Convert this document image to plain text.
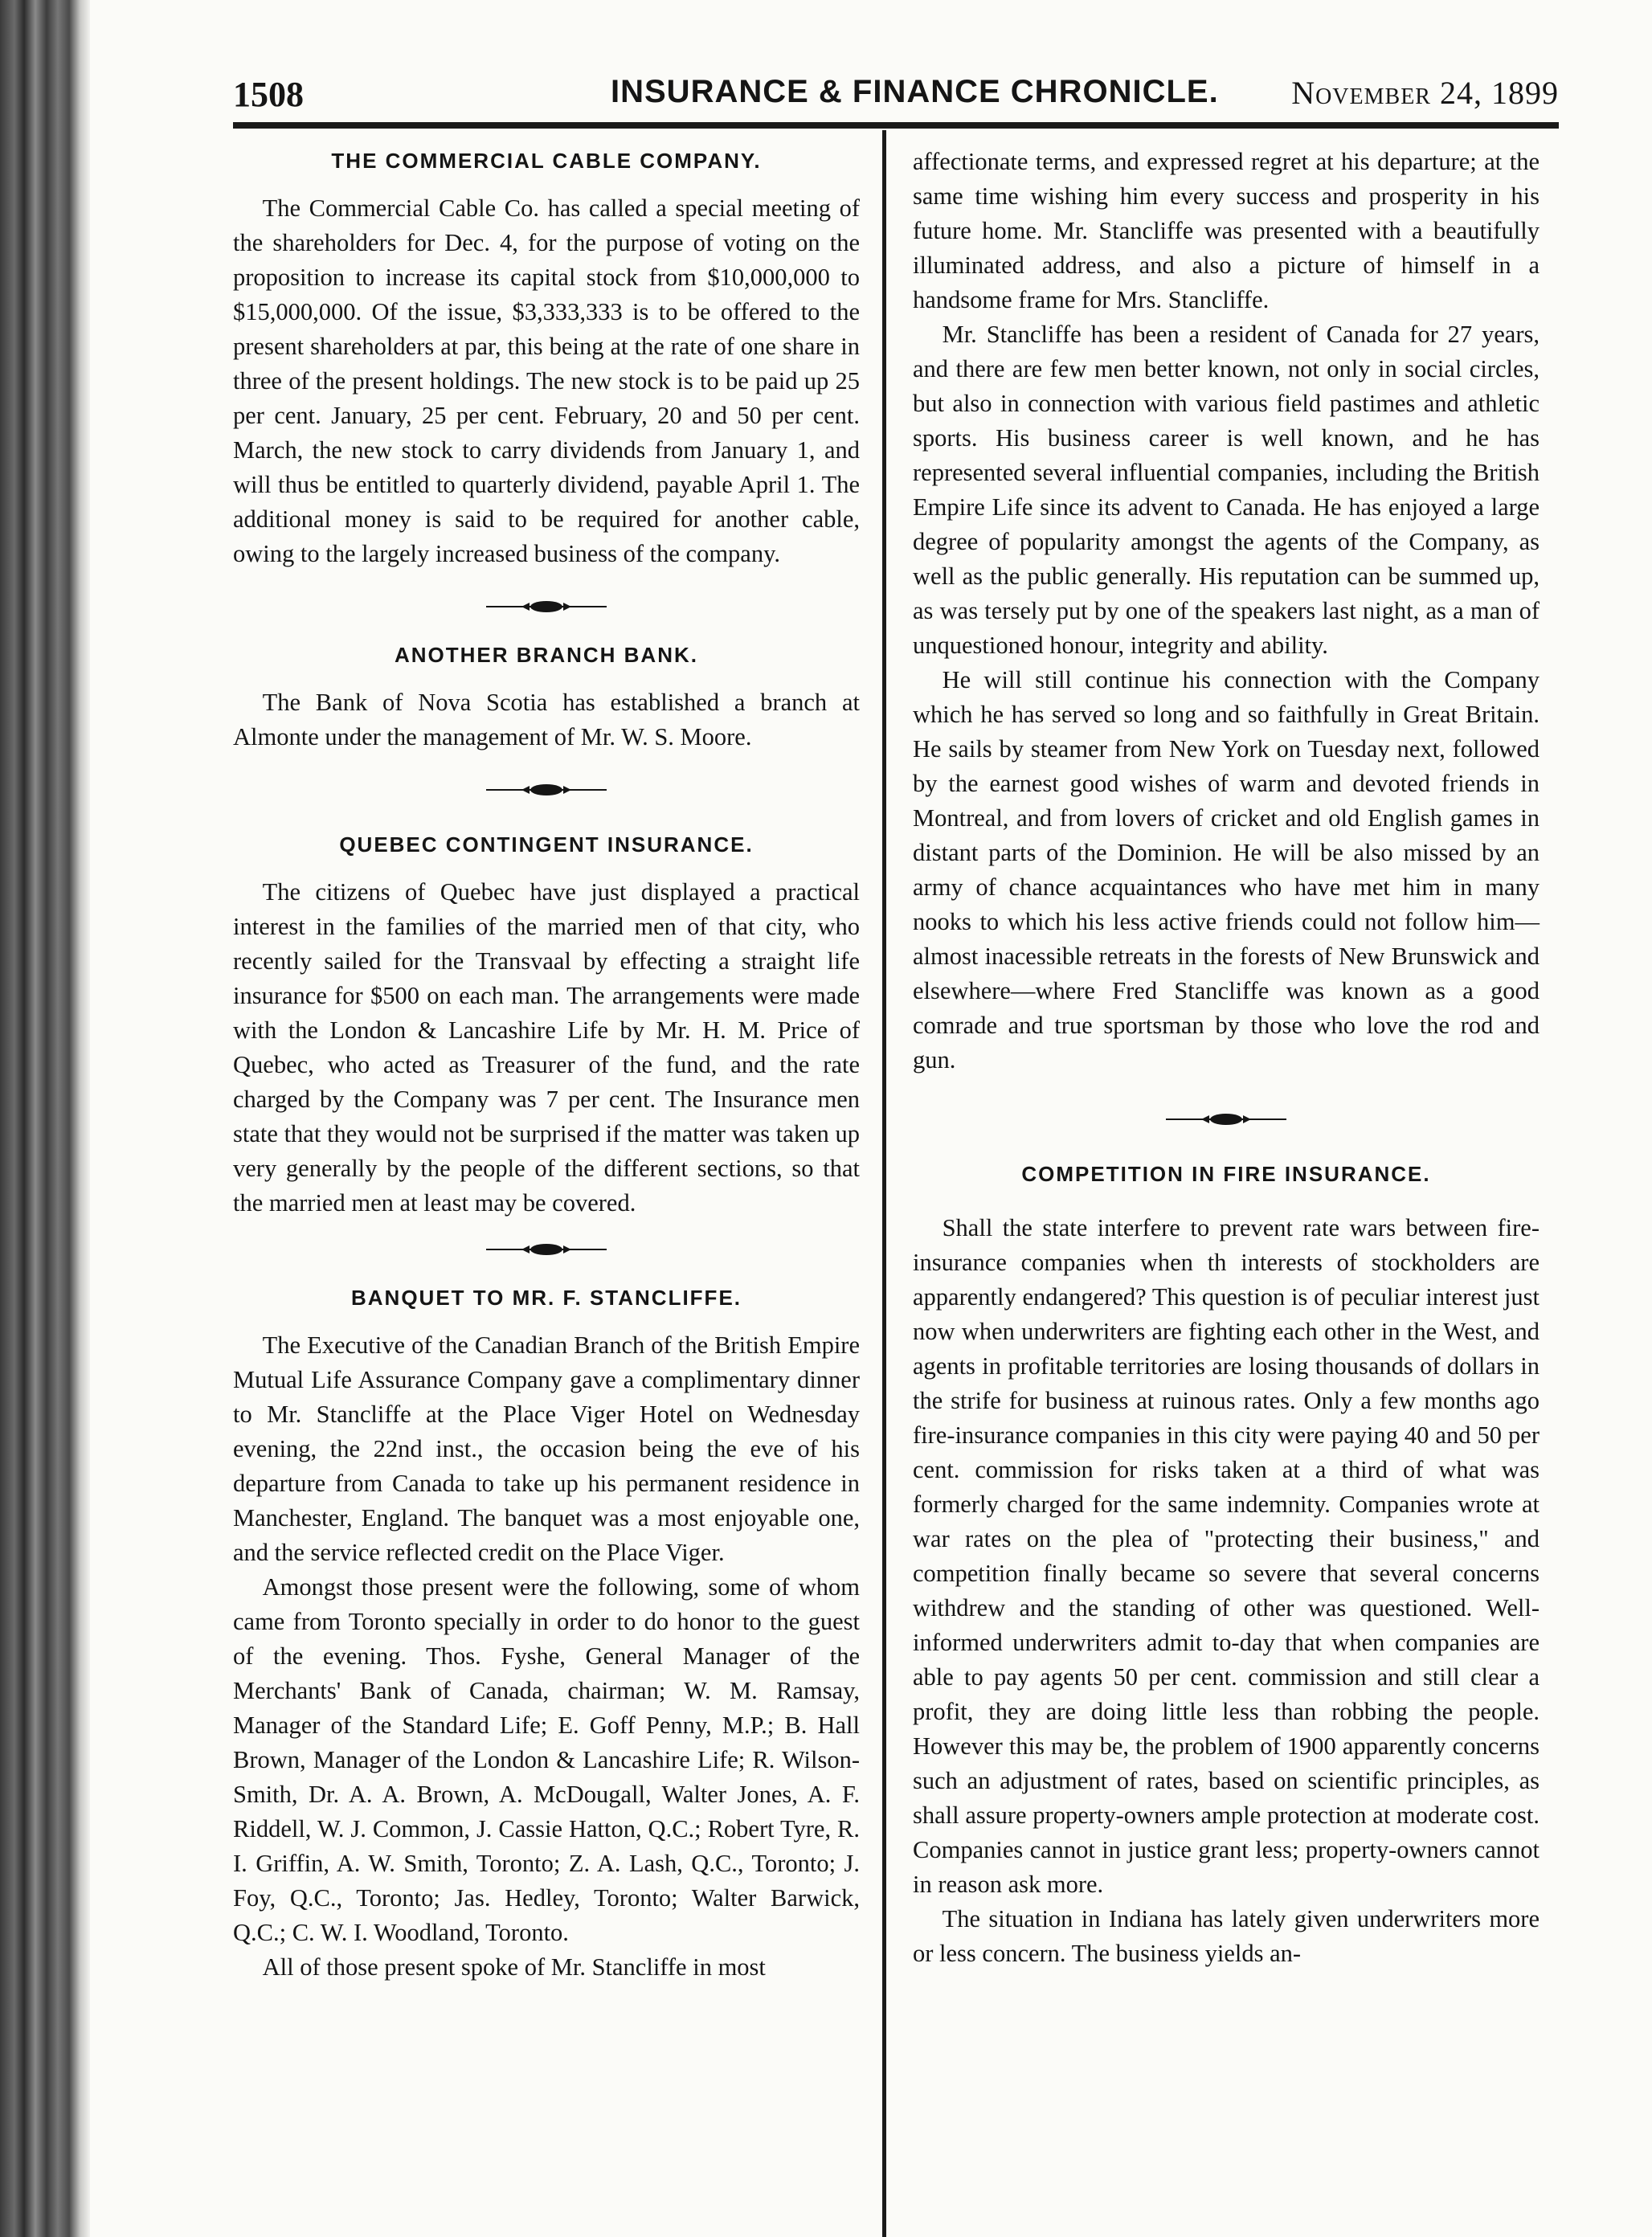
1508	INSURANCE & FINANCE CHRONICLE. November 24, 1899
THE COMMERCIAL CABLE COMPANY.

The Commercial Cable Co. has called a special meeting of the shareholders for Dec. 4, for the purpose of voting on the proposition to increase its capital stock from $10,000,000 to $15,000,000. Of the issue, $3,333,333 is to be offered to the present shareholders at par, this being at the rate of one share in three of the present holdings. The new stock is to be paid up 25 per cent. January, 25 per cent. February, 20 and 50 per cent. March, the new stock to carry dividends from January 1, and will thus be entitled to quarterly dividend, payable April 1. The additional money is said to be required for another cable, owing to the largely increased business of the company.

ANOTHER BRANCH BANK.

The Bank of Nova Scotia has established a branch at Almonte under the management of Mr. W. S. Moore.

QUEBEC CONTINGENT INSURANCE.

The citizens of Quebec have just displayed a practical interest in the families of the married men of that city, who recently sailed for the Transvaal by effecting a straight life insurance for $500 on each man. The arrangements were made with the London & Lancashire Life by Mr. H. M. Price of Quebec, who acted as Treasurer of the fund, and the rate charged by the Company was 7 per cent. The Insurance men state that they would not be surprised if the matter was taken up very generally by the people of the different sections, so that the married men at least may be covered.

BANQUET TO MR. F. STANCLIFFE.

The Executive of the Canadian Branch of the British Empire Mutual Life Assurance Company gave a complimentary dinner to Mr. Stancliffe at the Place Viger Hotel on Wednesday evening, the 22nd inst., the occasion being the eve of his departure from Canada to take up his permanent residence in Manchester, England. The banquet was a most enjoyable one, and the service reflected credit on the Place Viger.

Amongst those present were the following, some of whom came from Toronto specially in order to do honor to the guest of the evening. Thos. Fyshe, General Manager of the Merchants' Bank of Canada, chairman; W. M. Ramsay, Manager of the Standard Life; E. Goff Penny, M.P.; B. Hall Brown, Manager of the London & Lancashire Life; R. Wilson-Smith, Dr. A. A. Brown, A. McDougall, Walter Jones, A. F. Riddell, W. J. Common, J. Cassie Hatton, Q.C.; Robert Tyre, R. I. Griffin, A. W. Smith, Toronto; Z. A. Lash, Q.C., Toronto; J. Foy, Q.C., Toronto; Jas. Hedley, Toronto; Walter Barwick, Q.C.; C. W. I. Woodland, Toronto.

All of those present spoke of Mr. Stancliffe in most

affectionate terms, and expressed regret at his departure; at the same time wishing him every success and prosperity in his future home. Mr. Stancliffe was presented with a beautifully illuminated address, and also a picture of himself in a handsome frame for Mrs. Stancliffe.

Mr. Stancliffe has been a resident of Canada for 27 years, and there are few men better known, not only in social circles, but also in connection with various field pastimes and athletic sports. His business career is well known, and he has represented several influential companies, including the British Empire Life since its advent to Canada. He has enjoyed a large degree of popularity amongst the agents of the Company, as well as the public generally. His reputation can be summed up, as was tersely put by one of the speakers last night, as a man of unquestioned honour, integrity and ability.

He will still continue his connection with the Company which he has served so long and so faithfully in Great Britain. He sails by steamer from New York on Tuesday next, followed by the earnest good wishes of warm and devoted friends in Montreal, and from lovers of cricket and old English games in distant parts of the Dominion. He will be also missed by an army of chance acquaintances who have met him in many nooks to which his less active friends could not follow him—almost inacessible retreats in the forests of New Brunswick and elsewhere—where Fred Stancliffe was known as a good comrade and true sportsman by those who love the rod and gun.

COMPETITION IN FIRE INSURANCE.

Shall the state interfere to prevent rate wars between fire-insurance companies when th interests of stockholders are apparently endangered? This question is of peculiar interest just now when underwriters are fighting each other in the West, and agents in profitable territories are losing thousands of dollars in the strife for business at ruinous rates. Only a few months ago fire-insurance companies in this city were paying 40 and 50 per cent. commission for risks taken at a third of what was formerly charged for the same indemnity. Companies wrote at war rates on the plea of "protecting their business," and competition finally became so severe that several concerns withdrew and the standing of other was questioned. Well-informed underwriters admit to-day that when companies are able to pay agents 50 per cent. commission and still clear a profit, they are doing little less than robbing the people. However this may be, the problem of 1900 apparently concerns such an adjustment of rates, based on scientific principles, as shall assure property-owners ample protection at moderate cost. Companies cannot in justice grant less; property-owners cannot in reason ask more.

The situation in Indiana has lately given underwriters more or less concern. The business yields an-
